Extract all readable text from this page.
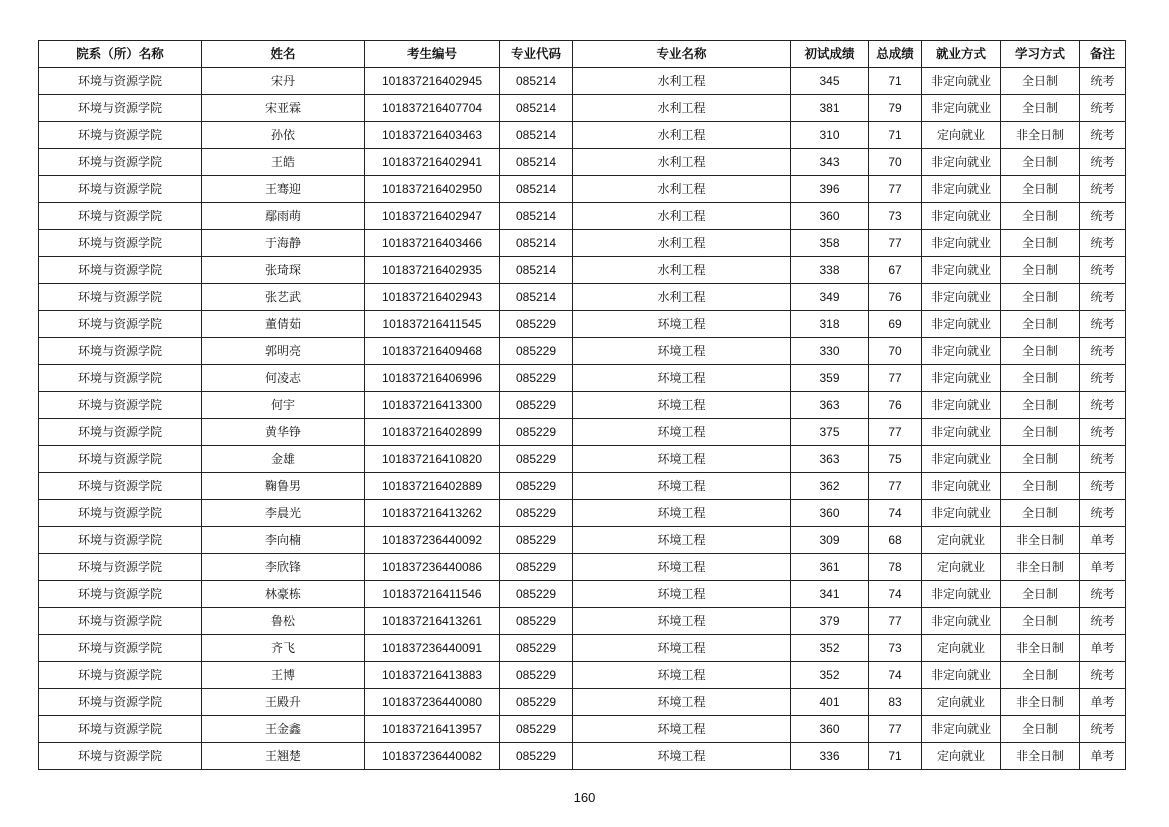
院系（所）名称	姓名	考生编号	专业代码	专业名称	初试成绩	总成绩	就业方式	学习方式	备注
环境与资源学院	宋丹	101837216402945	085214	水利工程	345	71	非定向就业	全日制	统考
环境与资源学院	宋亚霖	101837216407704	085214	水利工程	381	79	非定向就业	全日制	统考
环境与资源学院	孙依	101837216403463	085214	水利工程	310	71	定向就业	非全日制	统考
环境与资源学院	王皓	101837216402941	085214	水利工程	343	70	非定向就业	全日制	统考
环境与资源学院	王骞迎	101837216402950	085214	水利工程	396	77	非定向就业	全日制	统考
环境与资源学院	鄢雨萌	101837216402947	085214	水利工程	360	73	非定向就业	全日制	统考
环境与资源学院	于海静	101837216403466	085214	水利工程	358	77	非定向就业	全日制	统考
环境与资源学院	张琦琛	101837216402935	085214	水利工程	338	67	非定向就业	全日制	统考
环境与资源学院	张艺武	101837216402943	085214	水利工程	349	76	非定向就业	全日制	统考
环境与资源学院	董倩茹	101837216411545	085229	环境工程	318	69	非定向就业	全日制	统考
环境与资源学院	郭明亮	101837216409468	085229	环境工程	330	70	非定向就业	全日制	统考
环境与资源学院	何凌志	101837216406996	085229	环境工程	359	77	非定向就业	全日制	统考
环境与资源学院	何宇	101837216413300	085229	环境工程	363	76	非定向就业	全日制	统考
环境与资源学院	黄华铮	101837216402899	085229	环境工程	375	77	非定向就业	全日制	统考
环境与资源学院	金雄	101837216410820	085229	环境工程	363	75	非定向就业	全日制	统考
环境与资源学院	鞠鲁男	101837216402889	085229	环境工程	362	77	非定向就业	全日制	统考
环境与资源学院	李晨光	101837216413262	085229	环境工程	360	74	非定向就业	全日制	统考
环境与资源学院	李向楠	101837236440092	085229	环境工程	309	68	定向就业	非全日制	单考
环境与资源学院	李欣锋	101837236440086	085229	环境工程	361	78	定向就业	非全日制	单考
环境与资源学院	林豪栋	101837216411546	085229	环境工程	341	74	非定向就业	全日制	统考
环境与资源学院	鲁松	101837216413261	085229	环境工程	379	77	非定向就业	全日制	统考
环境与资源学院	齐飞	101837236440091	085229	环境工程	352	73	定向就业	非全日制	单考
环境与资源学院	王博	101837216413883	085229	环境工程	352	74	非定向就业	全日制	统考
环境与资源学院	王殿升	101837236440080	085229	环境工程	401	83	定向就业	非全日制	单考
环境与资源学院	王金鑫	101837216413957	085229	环境工程	360	77	非定向就业	全日制	统考
环境与资源学院	王翘楚	101837236440082	085229	环境工程	336	71	定向就业	非全日制	单考
160
